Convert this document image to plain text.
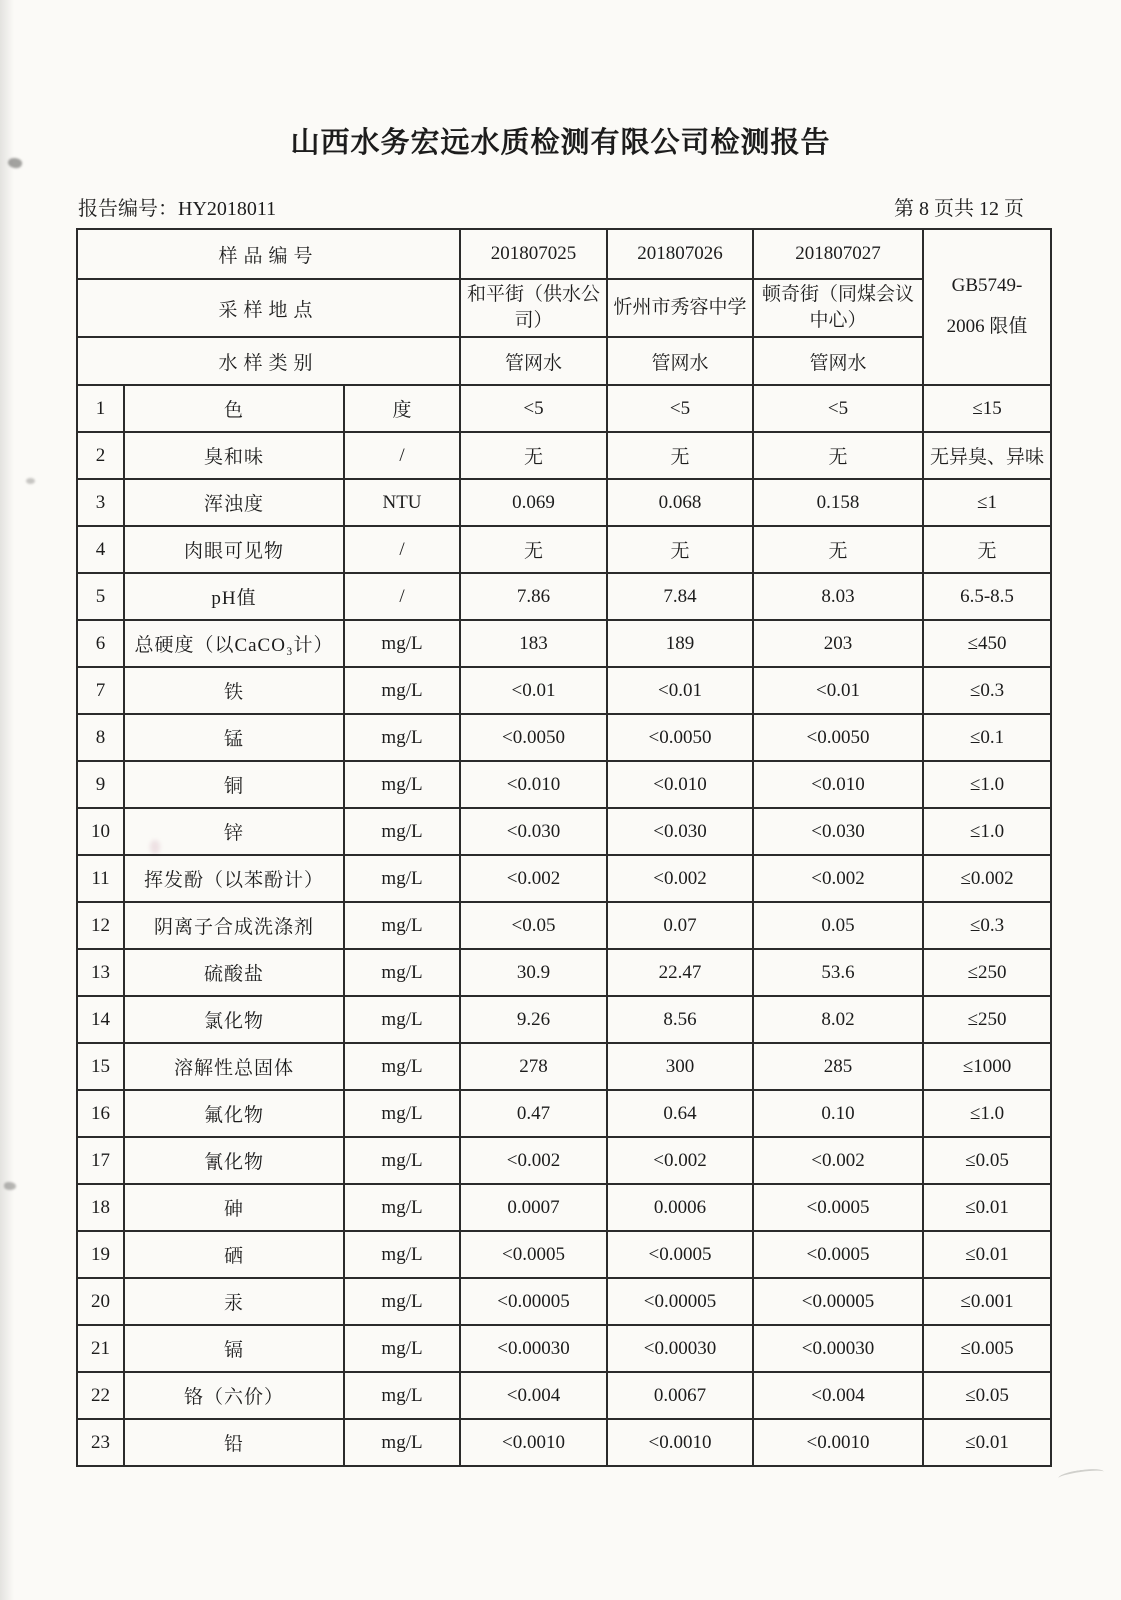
山西水务宏远水质检测有限公司检测报告
报告编号：HY2018011	第 8 页共 12 页
样品编号			201807025	201807026	201807027	GB5749-
2006 限值

采样地点			和平街（供水公司）	忻州市秀容中学	顿奇街（同煤会议中心）	
水样类别			管网水	管网水	管网水	
1	色	度	<5	<5	<5	≤15
2	臭和味	/	无	无	无	无异臭、异味
3	浑浊度	NTU	0.069	0.068	0.158	≤1
4	肉眼可见物	/	无	无	无	无
5	pH值	/	7.86	7.84	8.03	6.5-8.5
6	总硬度（以CaCO₃计）	mg/L	183	189	203	≤450
7	铁	mg/L	<0.01	<0.01	<0.01	≤0.3
8	锰	mg/L	<0.0050	<0.0050	<0.0050	≤0.1
9	铜	mg/L	<0.010	<0.010	<0.010	≤1.0
10	锌	mg/L	<0.030	<0.030	<0.030	≤1.0
11	挥发酚（以苯酚计）	mg/L	<0.002	<0.002	<0.002	≤0.002
12	阴离子合成洗涤剂	mg/L	<0.05	0.07	0.05	≤0.3
13	硫酸盐	mg/L	30.9	22.47	53.6	≤250
14	氯化物	mg/L	9.26	8.56	8.02	≤250
15	溶解性总固体	mg/L	278	300	285	≤1000
16	氟化物	mg/L	0.47	0.64	0.10	≤1.0
17	氰化物	mg/L	<0.002	<0.002	<0.002	≤0.05
18	砷	mg/L	0.0007	0.0006	<0.0005	≤0.01
19	硒	mg/L	<0.0005	<0.0005	<0.0005	≤0.01
20	汞	mg/L	<0.00005	<0.00005	<0.00005	≤0.001
21	镉	mg/L	<0.00030	<0.00030	<0.00030	≤0.005
22	铬（六价）	mg/L	<0.004	0.0067	<0.004	≤0.05
23	铅	mg/L	<0.0010	<0.0010	<0.0010	≤0.01
